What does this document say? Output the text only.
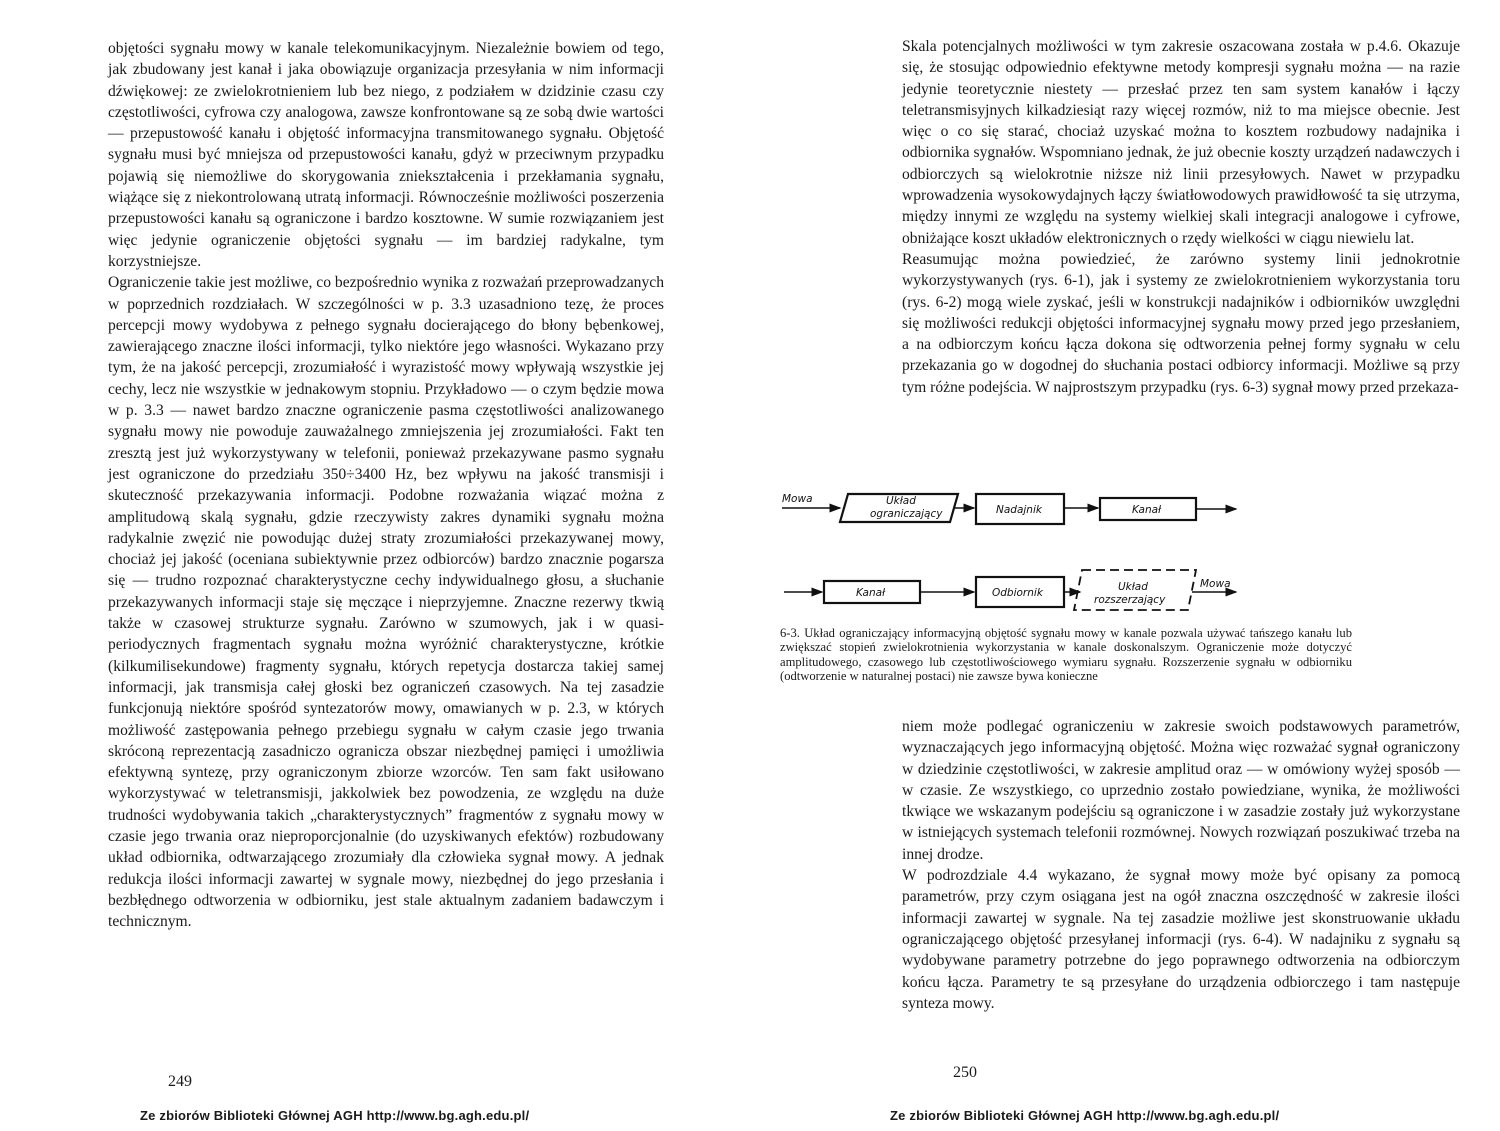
objętości sygnału mowy w kanale telekomunikacyjnym. Niezależnie bowiem od tego, jak zbudowany jest kanał i jaka obowiązuje organizacja przesyłania w nim informacji dźwiękowej: ze zwielokrotnieniem lub bez niego, z podziałem w dzidzinie czasu czy częstotliwości, cyfrowa czy analogowa, zawsze konfrontowane są ze sobą dwie wartości — przepustowość kanału i objętość informacyjna transmitowanego sygnału. Objętość sygnału musi być mniejsza od przepustowości kanału, gdyż w przeciwnym przypadku pojawią się niemożliwe do skorygowania zniekształcenia i przekłamania sygnału, wiążące się z niekontrolowaną utratą informacji. Równocześnie możliwości poszerzenia przepustowości kanału są ograniczone i bardzo kosztowne. W sumie rozwiązaniem jest więc jedynie ograniczenie objętości sygnału — im bardziej radykalne, tym korzystniejsze.

Ograniczenie takie jest możliwe, co bezpośrednio wynika z rozważań przeprowadzanych w poprzednich rozdziałach. W szczególności w p. 3.3 uzasadniono tezę, że proces percepcji mowy wydobywa z pełnego sygnału docierającego do błony bębenkowej, zawierającego znaczne ilości informacji, tylko niektóre jego własności. Wykazano przy tym, że na jakość percepcji, zrozumiałość i wyrazistość mowy wpływają wszystkie jej cechy, lecz nie wszystkie w jednakowym stopniu. Przykładowo — o czym będzie mowa w p. 3.3 — nawet bardzo znaczne ograniczenie pasma częstotliwości analizowanego sygnału mowy nie powoduje zauważalnego zmniejszenia jej zrozumiałości. Fakt ten zresztą jest już wykorzystywany w telefonii, ponieważ przekazywane pasmo sygnału jest ograniczone do przedziału 350÷3400 Hz, bez wpływu na jakość transmisji i skuteczność przekazywania informacji. Podobne rozważania wiązać można z amplitudową skalą sygnału, gdzie rzeczywisty zakres dynamiki sygnału można radykalnie zwęzić nie powodując dużej straty zrozumiałości przekazywanej mowy, chociaż jej jakość (oceniana subiektywnie przez odbiorców) bardzo znacznie pogarsza się — trudno rozpoznać charakterystyczne cechy indywidualnego głosu, a słuchanie przekazywanych informacji staje się męczące i nieprzyjemne. Znaczne rezerwy tkwią także w czasowej strukturze sygnału. Zarówno w szumowych, jak i w quasi-periodycznych fragmentach sygnału można wyróżnić charakterystyczne, krótkie (kilkumilisekundowe) fragmenty sygnału, których repetycja dostarcza takiej samej informacji, jak transmisja całej głoski bez ograniczeń czasowych. Na tej zasadzie funkcjonują niektóre spośród syntezatorów mowy, omawianych w p. 2.3, w których możliwość zastępowania pełnego przebiegu sygnału w całym czasie jego trwania skróconą reprezentacją zasadniczo ogranicza obszar niezbędnej pamięci i umożliwia efektywną syntezę, przy ograniczonym zbiorze wzorców. Ten sam fakt usiłowano wykorzystywać w teletransmisji, jakkolwiek bez powodzenia, ze względu na duże trudności wydobywania takich „charakterystycznych” fragmentów z sygnału mowy w czasie jego trwania oraz nieproporcjonalnie (do uzyskiwanych efektów) rozbudowany układ odbiornika, odtwarzającego zrozumiały dla człowieka sygnał mowy. A jednak redukcja ilości informacji zawartej w sygnale mowy, niezbędnej do jego przesłania i bezbłędnego odtworzenia w odbiorniku, jest stale aktualnym zadaniem badawczym i technicznym.

249
Ze zbiorów Biblioteki Głównej AGH http://www.bg.agh.edu.pl/

Skala potencjalnych możliwości w tym zakresie oszacowana została w p.4.6. Okazuje się, że stosując odpowiednio efektywne metody kompresji sygnału można — na razie jedynie teoretycznie niestety — przesłać przez ten sam system kanałów i łączy teletransmisyjnych kilkadziesiąt razy więcej rozmów, niż to ma miejsce obecnie. Jest więc o co się starać, chociaż uzyskać można to kosztem rozbudowy nadajnika i odbiornika sygnałów. Wspomniano jednak, że już obecnie koszty urządzeń nadawczych i odbiorczych są wielokrotnie niższe niż linii przesyłowych. Nawet w przypadku wprowadzenia wysokowydajnych łączy światłowodowych prawidłowość ta się utrzyma, między innymi ze względu na systemy wielkiej skali integracji analogowe i cyfrowe, obniżające koszt układów elektronicznych o rzędy wielkości w ciągu niewielu lat.

Reasumując można powiedzieć, że zarówno systemy linii jednokrotnie wykorzystywanych (rys. 6-1), jak i systemy ze zwielokrotnieniem wykorzystania toru (rys. 6-2) mogą wiele zyskać, jeśli w konstrukcji nadajników i odbiorników uwzględni się możliwości redukcji objętości informacyjnej sygnału mowy przed jego przesłaniem, a na odbiorczym końcu łącza dokona się odtworzenia pełnej formy sygnału w celu przekazania go w dogodnej do słuchania postaci odbiorcy informacji. Możliwe są przy tym różne podejścia. W najprostszym przypadku (rys. 6-3) sygnał mowy przed przekaza-

Mowa	Układ
ograniczający	Nadajnik	Kanał
Kanał	Odbiornik	Układ
rozszerzający
Mowa
6-3. Układ ograniczający informacyjną objętość sygnału mowy w kanale pozwala używać tańszego kanału lub zwiększać stopień zwielokrotnienia wykorzystania w kanale doskonalszym. Ograniczenie może dotyczyć amplitudowego, czasowego lub częstotliwościowego wymiaru sygnału. Rozszerzenie sygnału w odbiorniku (odtworzenie w naturalnej postaci) nie zawsze bywa konieczne

niem może podlegać ograniczeniu w zakresie swoich podstawowych parametrów, wyznaczających jego informacyjną objętość. Można więc rozważać sygnał ograniczony w dziedzinie częstotliwości, w zakresie amplitud oraz — w omówiony wyżej sposób — w czasie. Ze wszystkiego, co uprzednio zostało powiedziane, wynika, że możliwości tkwiące we wskazanym podejściu są ograniczone i w zasadzie zostały już wykorzystane w istniejących systemach telefonii rozmównej. Nowych rozwiązań poszukiwać trzeba na innej drodze.

W podrozdziale 4.4 wykazano, że sygnał mowy może być opisany za pomocą parametrów, przy czym osiągana jest na ogół znaczna oszczędność w zakresie ilości informacji zawartej w sygnale. Na tej zasadzie możliwe jest skonstruowanie układu ograniczającego objętość przesyłanej informacji (rys. 6-4). W nadajniku z sygnału są wydobywane parametry potrzebne do jego poprawnego odtworzenia na odbiorczym końcu łącza. Parametry te są przesyłane do urządzenia odbiorczego i tam następuje synteza mowy.

250
Ze zbiorów Biblioteki Głównej AGH http://www.bg.agh.edu.pl/
